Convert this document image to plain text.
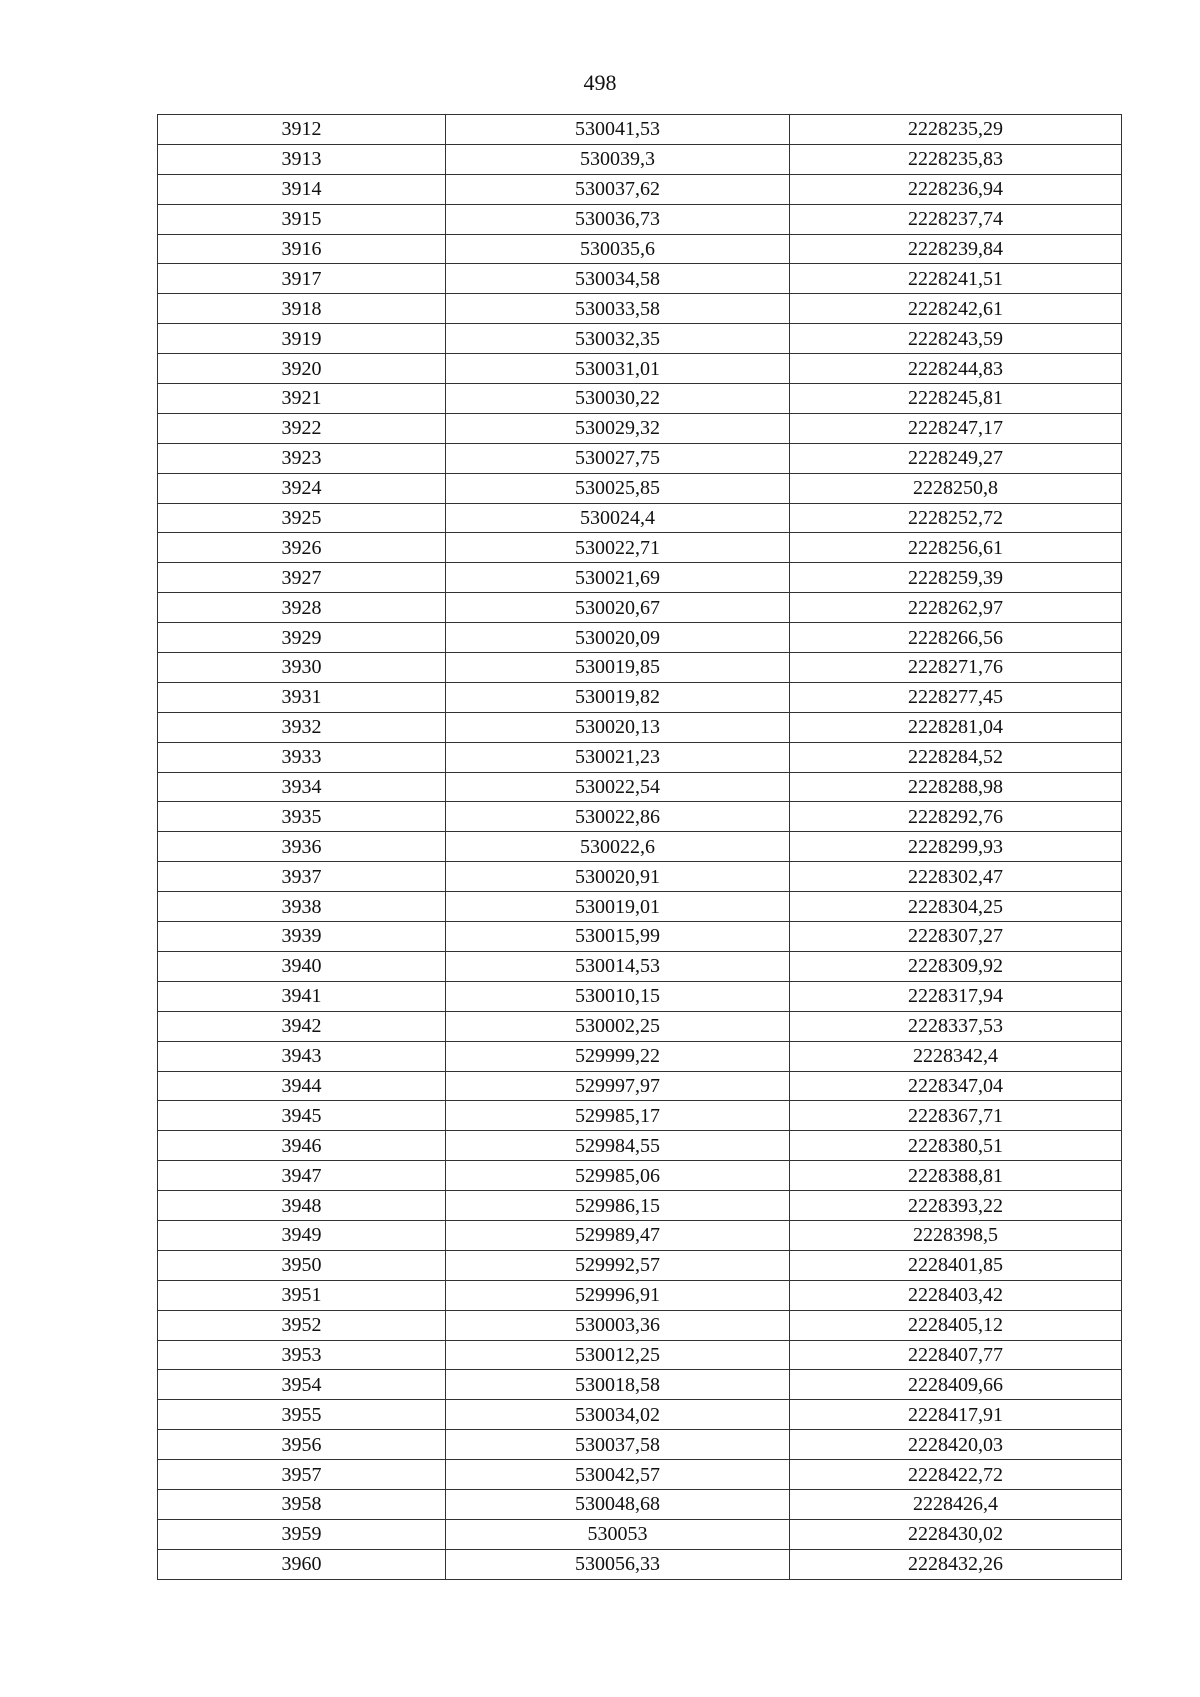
498
3912	530041,53	2228235,29
3913	530039,3	2228235,83
3914	530037,62	2228236,94
3915	530036,73	2228237,74
3916	530035,6	2228239,84
3917	530034,58	2228241,51
3918	530033,58	2228242,61
3919	530032,35	2228243,59
3920	530031,01	2228244,83
3921	530030,22	2228245,81
3922	530029,32	2228247,17
3923	530027,75	2228249,27
3924	530025,85	2228250,8
3925	530024,4	2228252,72
3926	530022,71	2228256,61
3927	530021,69	2228259,39
3928	530020,67	2228262,97
3929	530020,09	2228266,56
3930	530019,85	2228271,76
3931	530019,82	2228277,45
3932	530020,13	2228281,04
3933	530021,23	2228284,52
3934	530022,54	2228288,98
3935	530022,86	2228292,76
3936	530022,6	2228299,93
3937	530020,91	2228302,47
3938	530019,01	2228304,25
3939	530015,99	2228307,27
3940	530014,53	2228309,92
3941	530010,15	2228317,94
3942	530002,25	2228337,53
3943	529999,22	2228342,4
3944	529997,97	2228347,04
3945	529985,17	2228367,71
3946	529984,55	2228380,51
3947	529985,06	2228388,81
3948	529986,15	2228393,22
3949	529989,47	2228398,5
3950	529992,57	2228401,85
3951	529996,91	2228403,42
3952	530003,36	2228405,12
3953	530012,25	2228407,77
3954	530018,58	2228409,66
3955	530034,02	2228417,91
3956	530037,58	2228420,03
3957	530042,57	2228422,72
3958	530048,68	2228426,4
3959	530053	2228430,02
3960	530056,33	2228432,26
